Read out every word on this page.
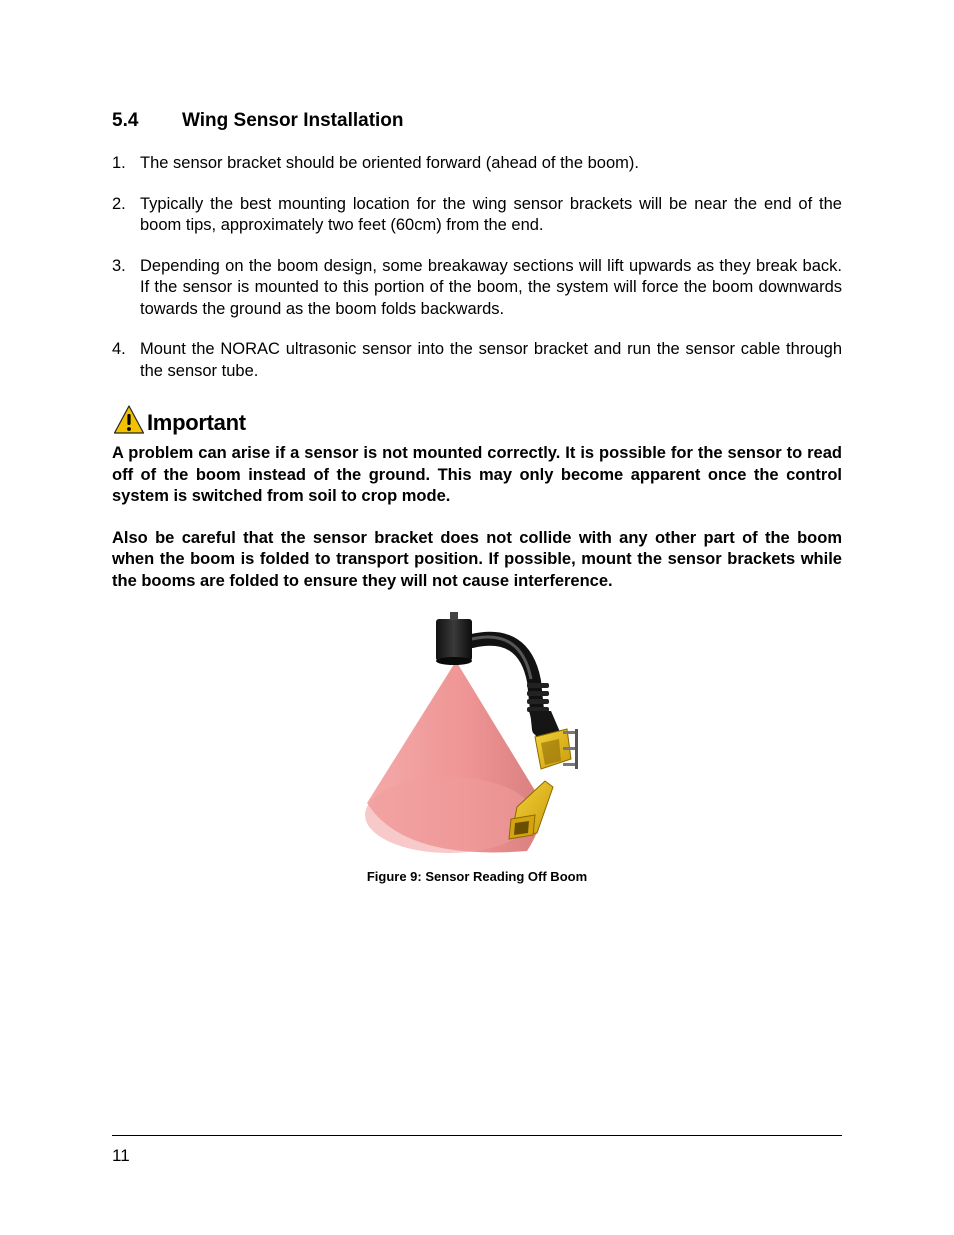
5.4	Wing Sensor Installation
1. The sensor bracket should be oriented forward (ahead of the boom).
2. Typically the best mounting location for the wing sensor brackets will be near the end of the boom tips, approximately two feet (60cm) from the end.
3. Depending on the boom design, some breakaway sections will lift upwards as they break back. If the sensor is mounted to this portion of the boom, the system will force the boom downwards towards the ground as the boom folds backwards.
4. Mount the NORAC ultrasonic sensor into the sensor bracket and run the sensor cable through the sensor tube.
Important

A problem can arise if a sensor is not mounted correctly. It is possible for the sensor to read off of the boom instead of the ground. This may only become apparent once the control system is switched from soil to crop mode.

Also be careful that the sensor bracket does not collide with any other part of the boom when the boom is folded to transport position. If possible, mount the sensor brackets while the booms are folded to ensure they will not cause interference.

Figure 9: Sensor Reading Off Boom
11
